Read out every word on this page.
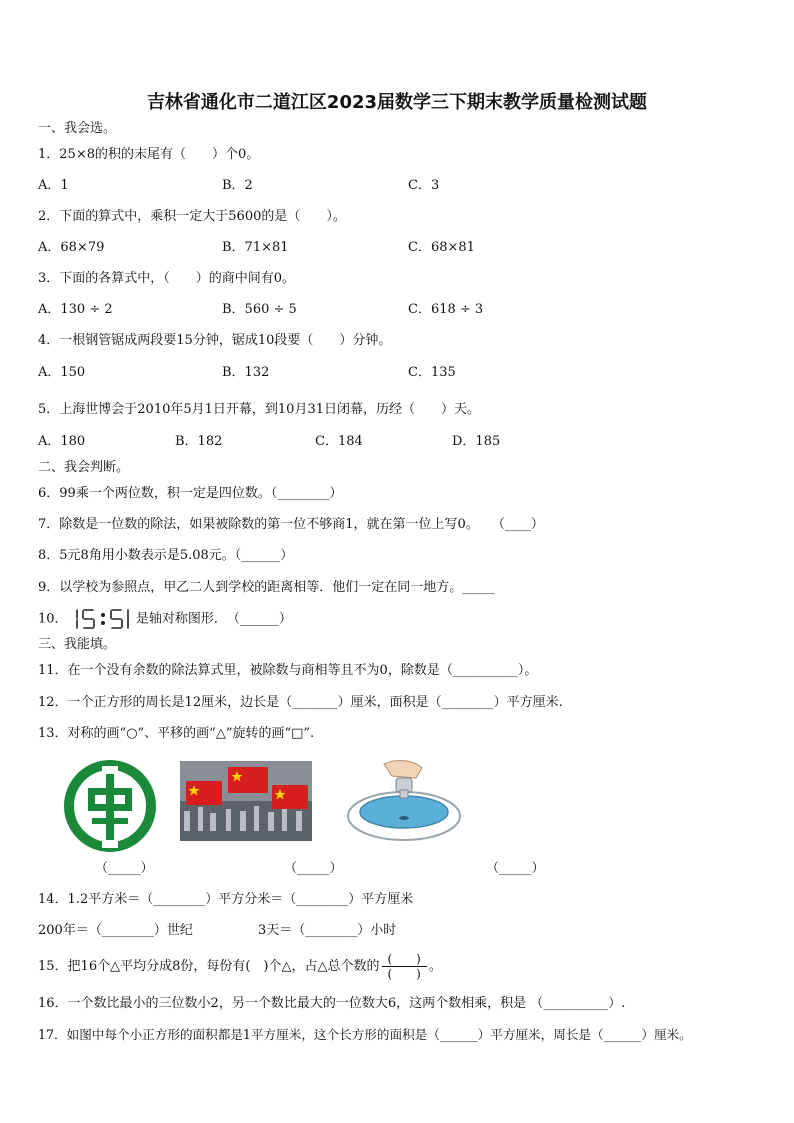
吉林省通化市二道江区2023届数学三下期末教学质量检测试题
一、我会选。
1．25×8的积的末尾有（　　）个0。
A．1	B．2	C．3
2．下面的算式中，乘积一定大于5600的是（　　）。
A．68×79	B．71×81	C．68×81
3．下面的各算式中，（　　）的商中间有0。
A．130 ÷ 2	B．560 ÷ 5	C．618 ÷ 3
4．一根钢管锯成两段要15分钟，锯成10段要（　　）分钟。
A．150	B．132	C．135
5．上海世博会于2010年5月1日开幕，到10月31日闭幕，历经（　　）天。
A．180	B．182	C．184	D．185
二、我会判断。
6．99乘一个两位数，积一定是四位数。（________）
7．除数是一位数的除法，如果被除数的第一位不够商1，就在第一位上写0。　　（____）
8．5元8角用小数表示是5.08元。（______）
9．以学校为参照点，甲乙二人到学校的距离相等．他们一定在同一地方。_____
10．	是轴对称图形．　（______）
三、我能填。
11．在一个没有余数的除法算式里，被除数与商相等且不为0，除数是（__________）。
12．一个正方形的周长是12厘米，边长是（_______）厘米，面积是（________）平方厘米.
13．对称的画“○”、平移的画“△”旋转的画“□”.
（_____）	（_____）	（_____）
14．1.2平方米＝（________）平方分米＝（________）平方厘米
200年＝（________）世纪	3天＝（________）小时
15．把16个△平均分成8份，每份有(　)个△，占△总个数的 $\frac{( )}{( )}$ 。
16．一个数比最小的三位数小2，另一个数比最大的一位数大6，这两个数相乘，积是 （__________）.
17．如图中每个小正方形的面积都是1平方厘米，这个长方形的面积是（______）平方厘米，周长是（______）厘米。
